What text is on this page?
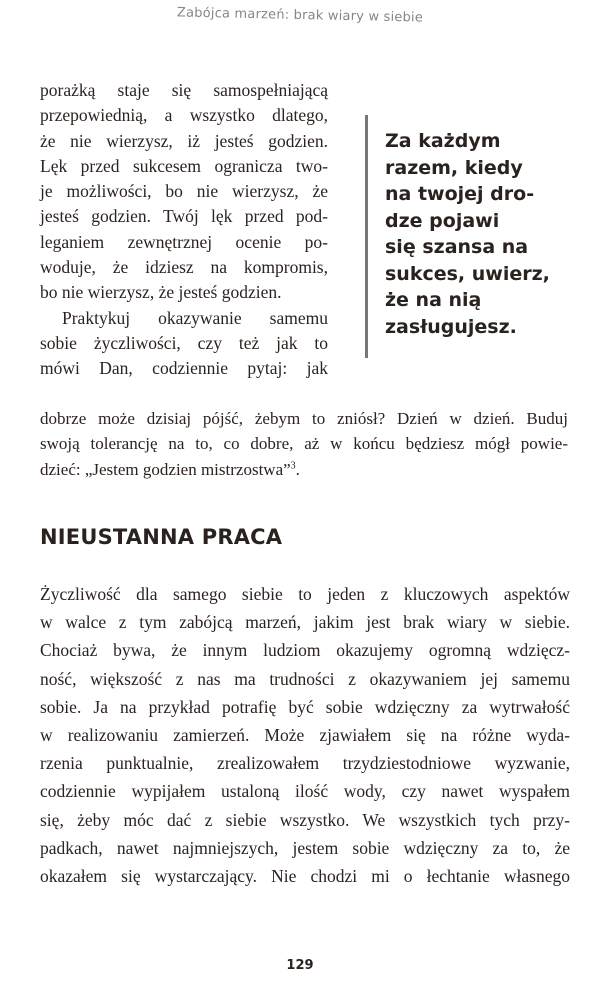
Zabójca marzeń: brak wiary w siebie
porażką staje się samospełniającą
przepowiednią, a wszystko dlatego,
że nie wierzysz, iż jesteś godzien.
Lęk przed sukcesem ogranicza two-
je możliwości, bo nie wierzysz, że
jesteś godzien. Twój lęk przed pod-
leganiem zewnętrznej ocenie po-
woduje, że idziesz na kompromis,
bo nie wierzysz, że jesteś godzien.
Praktykuj okazywanie samemu
sobie życzliwości, czy też jak to
mówi Dan, codziennie pytaj: jak
Za każdym
razem, kiedy
na twojej dro-
dze pojawi
się szansa na
sukces, uwierz,
że na nią
zasługujesz.
dobrze może dzisiaj pójść, żebym to zniósł? Dzień w dzień. Buduj
swoją tolerancję na to, co dobre, aż w końcu będziesz mógł powie-
dzieć: „Jestem godzien mistrzostwa”$^3$.
NIEUSTANNA PRACA
Życzliwość dla samego siebie to jeden z kluczowych aspektów
w walce z tym zabójcą marzeń, jakim jest brak wiary w siebie.
Chociaż bywa, że innym ludziom okazujemy ogromną wdzięcz-
ność, większość z nas ma trudności z okazywaniem jej samemu
sobie. Ja na przykład potrafię być sobie wdzięczny za wytrwałość
w realizowaniu zamierzeń. Może zjawiałem się na różne wyda-
rzenia punktualnie, zrealizowałem trzydziestodniowe wyzwanie,
codziennie wypijałem ustaloną ilość wody, czy nawet wyspałem
się, żeby móc dać z siebie wszystko. We wszystkich tych przy-
padkach, nawet najmniejszych, jestem sobie wdzięczny za to, że
okazałem się wystarczający. Nie chodzi mi o łechtanie własnego
129
